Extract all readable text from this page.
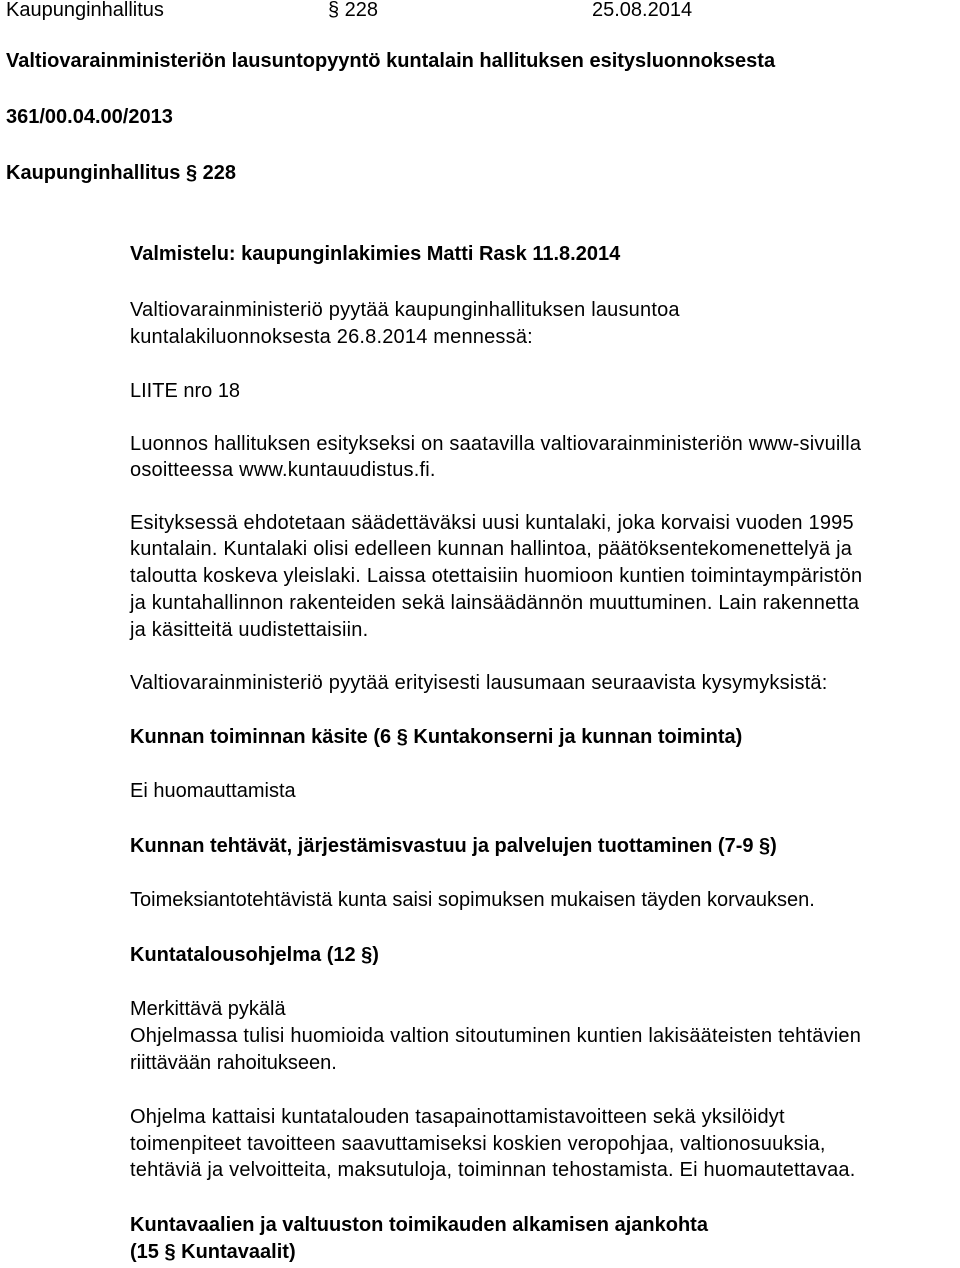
Kaupunginhallitus	§ 228	25.08.2014
Valtiovarainministeriön lausuntopyyntö kuntalain hallituksen esitysluonnoksesta
361/00.04.00/2013
Kaupunginhallitus § 228
Valmistelu: kaupunginlakimies Matti Rask 11.8.2014
Valtiovarainministeriö pyytää kaupunginhallituksen lausuntoa
kuntalakiluonnoksesta 26.8.2014 mennessä:
LIITE nro 18
Luonnos hallituksen esitykseksi on saatavilla valtiovarainministeriön www-sivuilla
osoitteessa www.kuntauudistus.fi.
Esityksessä ehdotetaan säädettäväksi uusi kuntalaki, joka korvaisi vuoden 1995
kuntalain. Kuntalaki olisi edelleen kunnan hallintoa, päätöksentekomenettelyä ja
taloutta koskeva yleislaki. Laissa otettaisiin huomioon kuntien toimintaympäristön
ja kuntahallinnon rakenteiden sekä lainsäädännön muuttuminen. Lain rakennetta
ja käsitteitä uudistettaisiin.
Valtiovarainministeriö pyytää erityisesti lausumaan seuraavista kysymyksistä:
Kunnan toiminnan käsite (6 § Kuntakonserni ja kunnan toiminta)
Ei huomauttamista
Kunnan tehtävät, järjestämisvastuu ja palvelujen tuottaminen (7-9 §)
Toimeksiantotehtävistä kunta saisi sopimuksen mukaisen täyden korvauksen.
Kuntatalousohjelma (12 §)
Merkittävä pykälä
Ohjelmassa tulisi huomioida valtion sitoutuminen kuntien lakisääteisten tehtävien
riittävään rahoitukseen.
Ohjelma kattaisi kuntatalouden tasapainottamistavoitteen sekä yksilöidyt
toimenpiteet tavoitteen saavuttamiseksi koskien veropohjaa, valtionosuuksia,
tehtäviä ja velvoitteita, maksutuloja, toiminnan tehostamista. Ei huomautettavaa.
Kuntavaalien ja valtuuston toimikauden alkamisen ajankohta
(15 § Kuntavaalit)
